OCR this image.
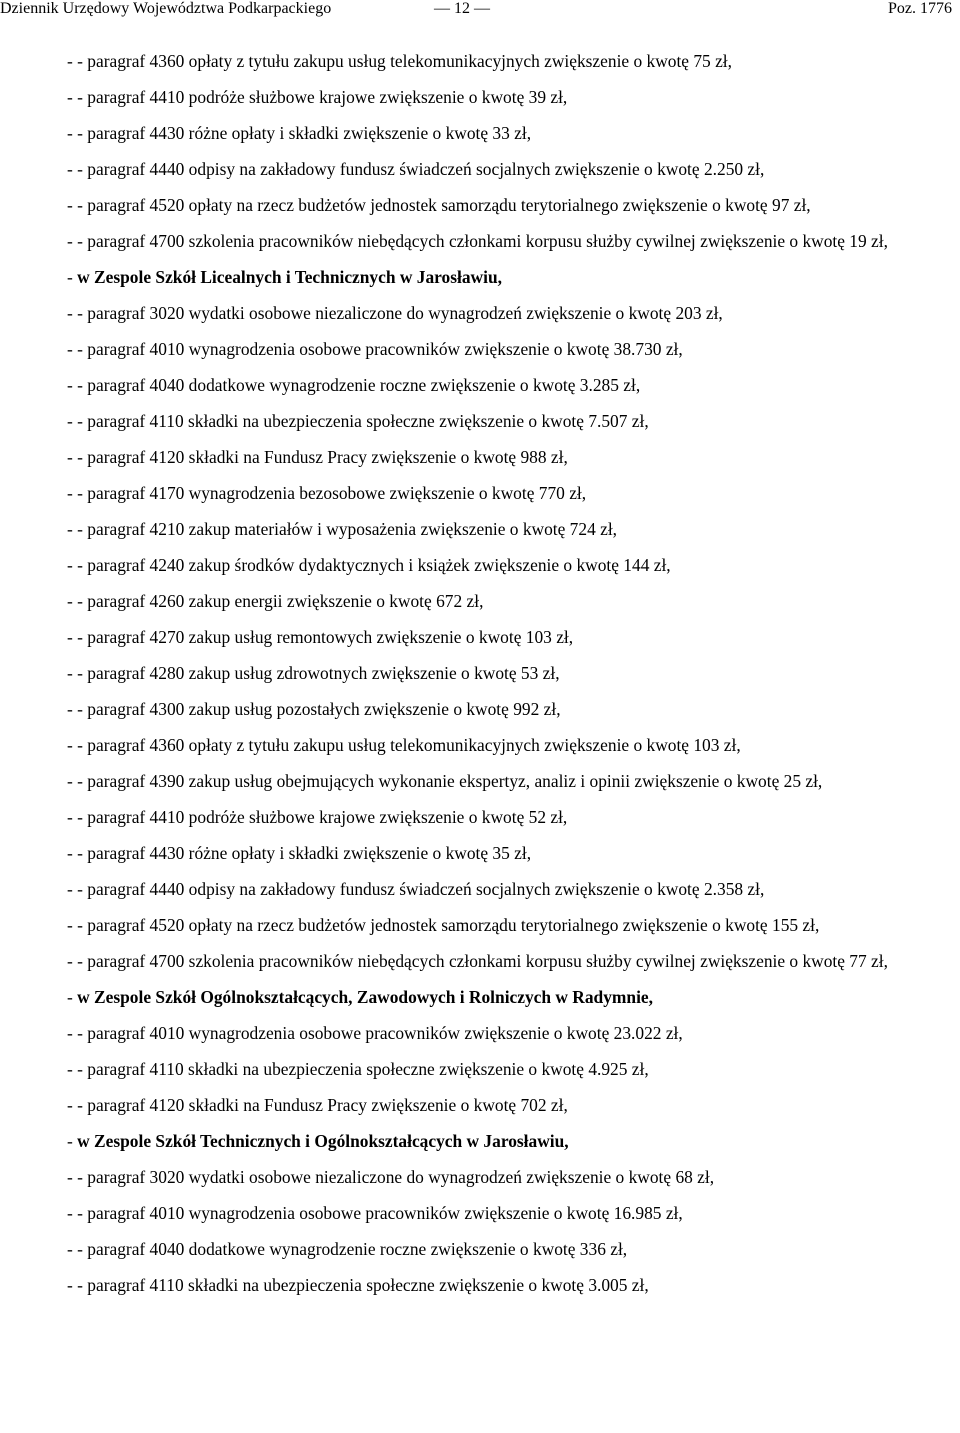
Dziennik Urzędowy Województwa Podkarpackiego	— 12 —	Poz. 1776
- - paragraf 4360 opłaty z tytułu zakupu usług telekomunikacyjnych zwiększenie o kwotę 75 zł,
- - paragraf 4410 podróże służbowe krajowe zwiększenie o kwotę 39 zł,
- - paragraf 4430 różne opłaty i składki zwiększenie o kwotę 33 zł,
- - paragraf 4440 odpisy na zakładowy fundusz świadczeń socjalnych zwiększenie o kwotę 2.250 zł,
- - paragraf 4520 opłaty na rzecz budżetów jednostek samorządu terytorialnego zwiększenie o kwotę 97 zł,
- - paragraf 4700 szkolenia pracowników niebędących członkami korpusu służby cywilnej zwiększenie o kwotę 19 zł,
- w Zespole Szkół Licealnych i Technicznych w Jarosławiu,
- - paragraf 3020 wydatki osobowe niezaliczone do wynagrodzeń zwiększenie o kwotę 203 zł,
- - paragraf 4010 wynagrodzenia osobowe pracowników zwiększenie o kwotę 38.730 zł,
- - paragraf 4040 dodatkowe wynagrodzenie roczne zwiększenie o kwotę 3.285 zł,
- - paragraf 4110 składki na ubezpieczenia społeczne zwiększenie o kwotę 7.507 zł,
- - paragraf 4120 składki na Fundusz Pracy zwiększenie o kwotę 988 zł,
- - paragraf 4170 wynagrodzenia bezosobowe zwiększenie o kwotę 770 zł,
- - paragraf 4210 zakup materiałów i wyposażenia zwiększenie o kwotę 724 zł,
- - paragraf 4240 zakup środków dydaktycznych i książek zwiększenie o kwotę 144 zł,
- - paragraf 4260 zakup energii zwiększenie o kwotę 672 zł,
- - paragraf 4270 zakup usług remontowych zwiększenie o kwotę 103 zł,
- - paragraf 4280 zakup usług zdrowotnych zwiększenie o kwotę 53 zł,
- - paragraf 4300 zakup usług pozostałych zwiększenie o kwotę 992 zł,
- - paragraf 4360 opłaty z tytułu zakupu usług telekomunikacyjnych zwiększenie o kwotę 103 zł,
- - paragraf 4390 zakup usług obejmujących wykonanie ekspertyz, analiz i opinii zwiększenie o kwotę 25 zł,
- - paragraf 4410 podróże służbowe krajowe zwiększenie o kwotę 52 zł,
- - paragraf 4430 różne opłaty i składki zwiększenie o kwotę 35 zł,
- - paragraf 4440 odpisy na zakładowy fundusz świadczeń socjalnych zwiększenie o kwotę 2.358 zł,
- - paragraf 4520 opłaty na rzecz budżetów jednostek samorządu terytorialnego zwiększenie o kwotę 155 zł,
- - paragraf 4700 szkolenia pracowników niebędących członkami korpusu służby cywilnej zwiększenie o kwotę 77 zł,
- w Zespole Szkół Ogólnokształcących, Zawodowych i Rolniczych w Radymnie,
- - paragraf 4010 wynagrodzenia osobowe pracowników zwiększenie o kwotę 23.022 zł,
- - paragraf 4110 składki na ubezpieczenia społeczne zwiększenie o kwotę 4.925 zł,
- - paragraf 4120 składki na Fundusz Pracy zwiększenie o kwotę 702 zł,
- w Zespole Szkół Technicznych i Ogólnokształcących w Jarosławiu,
- - paragraf 3020 wydatki osobowe niezaliczone do wynagrodzeń zwiększenie o kwotę 68 zł,
- - paragraf 4010 wynagrodzenia osobowe pracowników zwiększenie o kwotę 16.985 zł,
- - paragraf 4040 dodatkowe wynagrodzenie roczne zwiększenie o kwotę 336 zł,
- - paragraf 4110 składki na ubezpieczenia społeczne zwiększenie o kwotę 3.005 zł,
